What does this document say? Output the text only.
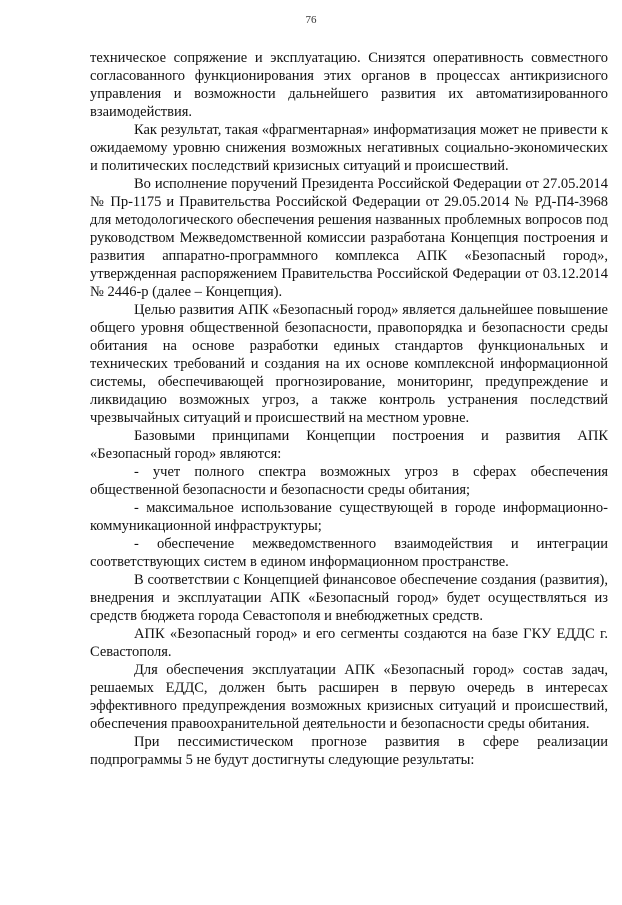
76

техническое сопряжение и эксплуатацию. Снизятся оперативность совместного согласованного функционирования этих органов в процессах антикризисного управления и возможности дальнейшего развития их автоматизированного взаимодействия.

Как результат, такая «фрагментарная» информатизация может не привести к ожидаемому уровню снижения возможных негативных социально-экономических и политических последствий кризисных ситуаций и происшествий.

Во исполнение поручений Президента Российской Федерации от 27.05.2014 № Пр-1175 и Правительства Российской Федерации от 29.05.2014 № РД-П4-3968 для методологического обеспечения решения названных проблемных вопросов под руководством Межведомственной комиссии разработана Концепция построения и развития аппаратно-программного комплекса АПК «Безопасный город», утвержденная распоряжением Правительства Российской Федерации от 03.12.2014 № 2446-р (далее – Концепция).

Целью развития АПК «Безопасный город» является дальнейшее повышение общего уровня общественной безопасности, правопорядка и безопасности среды обитания на основе разработки единых стандартов функциональных и технических требований и создания на их основе комплексной информационной системы, обеспечивающей прогнозирование, мониторинг, предупреждение и ликвидацию возможных угроз, а также контроль устранения последствий чрезвычайных ситуаций и происшествий на местном уровне.

Базовыми принципами Концепции построения и развития АПК «Безопасный город» являются:

- учет полного спектра возможных угроз в сферах обеспечения общественной безопасности и безопасности среды обитания;

- максимальное использование существующей в городе информационно-коммуникационной инфраструктуры;

- обеспечение межведомственного взаимодействия и интеграции соответствующих систем в едином информационном пространстве.

В соответствии с Концепцией финансовое обеспечение создания (развития), внедрения и эксплуатации АПК «Безопасный город» будет осуществляться из средств бюджета города Севастополя и внебюджетных средств.

АПК «Безопасный город» и его сегменты создаются на базе ГКУ ЕДДС г. Севастополя.

Для обеспечения эксплуатации АПК «Безопасный город» состав задач, решаемых ЕДДС, должен быть расширен в первую очередь в интересах эффективного предупреждения возможных кризисных ситуаций и происшествий, обеспечения правоохранительной деятельности и безопасности среды обитания.

При пессимистическом прогнозе развития в сфере реализации подпрограммы 5 не будут достигнуты следующие результаты:
